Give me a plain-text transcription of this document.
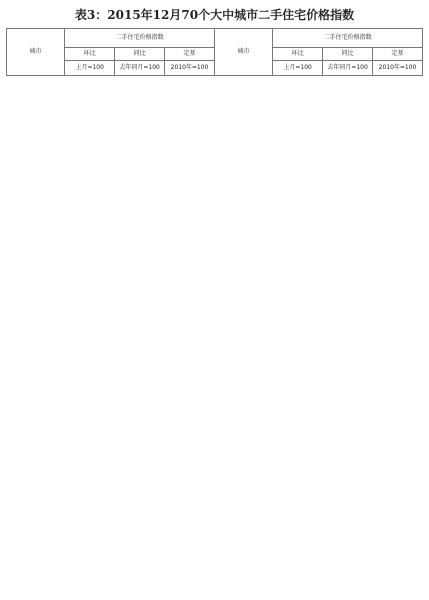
表3：2015年12月70个大中城市二手住宅价格指数
城市	二手住宅价格指数			城市	二手住宅价格指数		
	环比	同比	定基		环比	同比	定基
	上月=100	去年同月=100	2010年=100		上月=100	去年同月=100	2010年=100
